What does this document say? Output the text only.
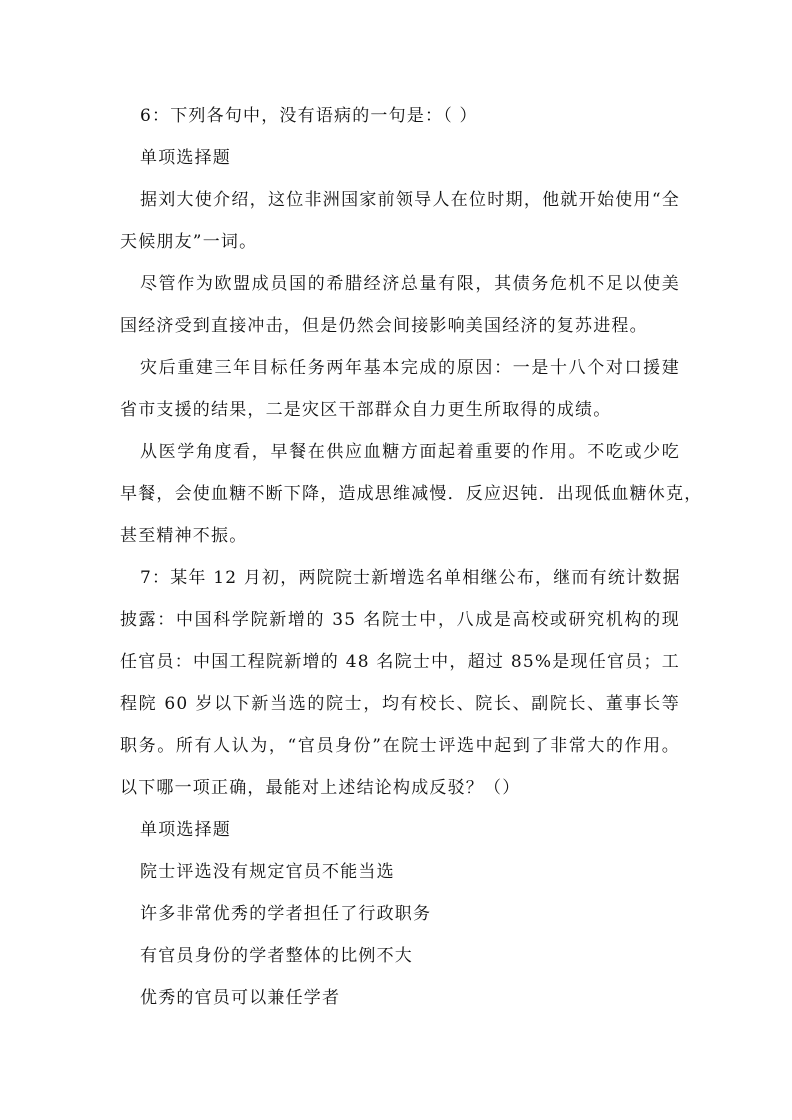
6：下列各句中，没有语病的一句是：（ ）
单项选择题
据刘大使介绍，这位非洲国家前领导人在位时期，他就开始使用“全
天候朋友”一词。
尽管作为欧盟成员国的希腊经济总量有限，其债务危机不足以使美
国经济受到直接冲击，但是仍然会间接影响美国经济的复苏进程。
灾后重建三年目标任务两年基本完成的原因：一是十八个对口援建
省市支援的结果，二是灾区干部群众自力更生所取得的成绩。
从医学角度看，早餐在供应血糖方面起着重要的作用。不吃或少吃
早餐，会使血糖不断下降，造成思维减慢．反应迟钝．出现低血糖休克，
甚至精神不振。
7：某年 12 月初，两院院士新增选名单相继公布，继而有统计数据
披露：中国科学院新增的 35 名院士中，八成是高校或研究机构的现
任官员：中国工程院新增的 48 名院士中，超过 85%是现任官员；工
程院 60 岁以下新当选的院士，均有校长、院长、副院长、董事长等
职务。所有人认为，“官员身份”在院士评选中起到了非常大的作用。
以下哪一项正确，最能对上述结论构成反驳？（）
单项选择题
院士评选没有规定官员不能当选
许多非常优秀的学者担任了行政职务
有官员身份的学者整体的比例不大
优秀的官员可以兼任学者
